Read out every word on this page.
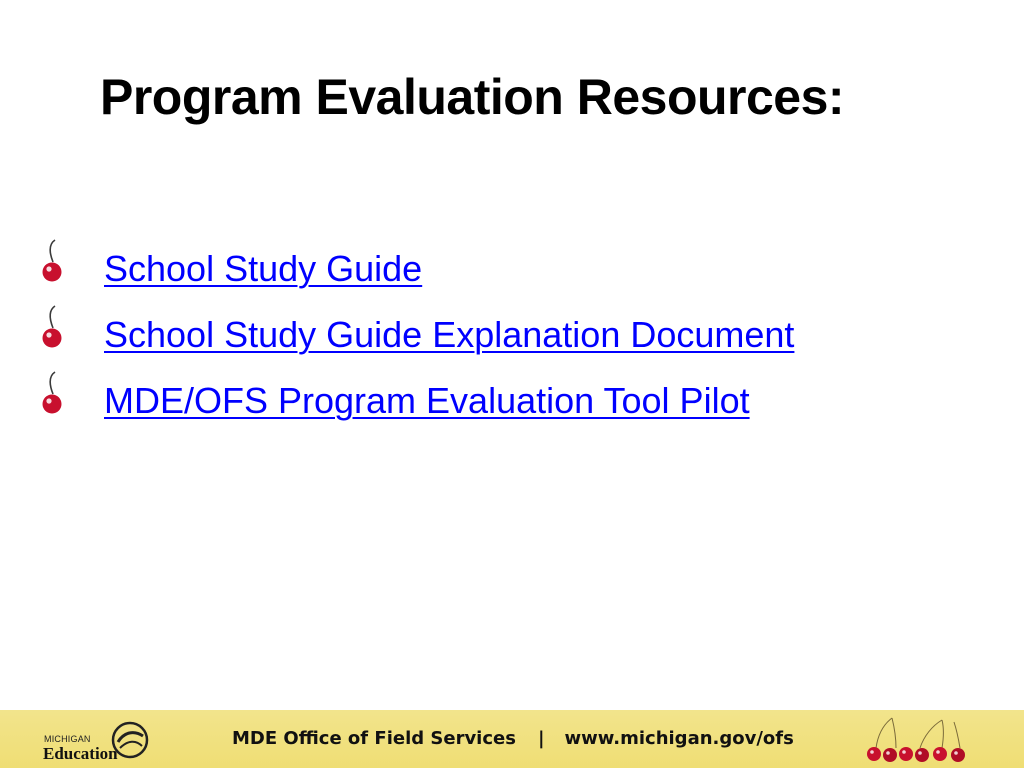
Program Evaluation Resources:
School Study Guide
School Study Guide Explanation Document
MDE/OFS Program Evaluation Tool Pilot
MICHIGAN
Education
MDE Office of Field Services | www.michigan.gov/ofs
